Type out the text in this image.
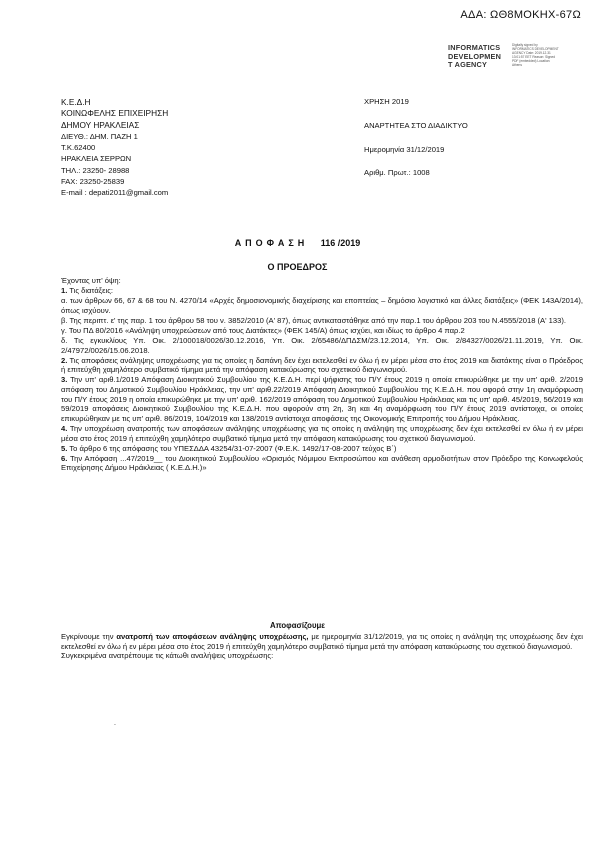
ΑΔΑ: ΩΘ8ΜΟΚΗΧ-67Ω
INFORMATICS
DEVELOPMEN
T AGENCY
Digitally signed by INFORMATICS DEVELOPMENT AGENCY Date: 2019.12.31 13:01:57 EET Reason: Signed PDF (embedded) Location: Athens
Κ.Ε.Δ.Η
ΚΟΙΝΩΦΕΛΗΣ ΕΠΙΧΕΙΡΗΣΗ
ΔΗΜΟΥ ΗΡΑΚΛΕΙΑΣ
ΔΙΕΥΘ.: ΔΗΜ. ΠΑΖΗ 1
Τ.Κ.62400
ΗΡΑΚΛΕΙΑ ΣΕΡΡΩΝ
ΤΗΛ.: 23250- 28988
FAX: 23250-25839
E-mail : depati2011@gmail.com
ΧΡΗΣΗ 2019
ΑΝΑΡΤΗΤΕΑ ΣΤΟ ΔΙΑΔΙΚΤΥΟ
Ημερομηνία 31/12/2019
Αριθμ. Πρωτ.: 1008
ΑΠΟΦΑΣΗ 116 /2019
Ο ΠΡΟΕΔΡΟΣ

Έχοντας υπ' όψη:

1. Τις διατάξεις:

α. των άρθρων 66, 67 & 68 του Ν. 4270/14 «Αρχές δημοσιονομικής διαχείρισης και εποπτείας – δημόσιο λογιστικό και άλλες διατάξεις» (ΦΕΚ 143Α/2014), όπως ισχύουν.

β. Της περιπτ. ε' της παρ. 1 του άρθρου 58 του ν. 3852/2010 (Α' 87), όπως αντικαταστάθηκε από την παρ.1 του άρθρου 203 του Ν.4555/2018 (Α' 133).

γ. Του ΠΔ 80/2016 «Ανάληψη υποχρεώσεων από τους Διατάκτες» (ΦΕΚ 145/Α) όπως ισχύει, και ιδίως το άρθρο 4 παρ.2

δ. Τις εγκυκλίους Υπ. Οικ. 2/100018/0026/30.12.2016, Υπ. Οικ. 2/65486/ΔΠΔΣΜ/23.12.2014, Υπ. Οικ. 2/84327/0026/21.11.2019, Υπ. Οικ. 2/47972/0026/15.06.2018.

2. Τις αποφάσεις ανάληψης υποχρέωσης για τις οποίες η δαπάνη δεν έχει εκτελεσθεί εν όλω ή εν μέρει μέσα στο έτος 2019 και διατάκτης είναι ο Πρόεδρος ή επιτεύχθη χαμηλότερο συμβατικό τίμημα μετά την απόφαση κατακύρωσης του σχετικού διαγωνισμού.

3. Την υπ' αριθ.1/2019 Απόφαση Διοικητικού Συμβουλίου της Κ.Ε.Δ.Η. περί ψήφισης του Π/Υ έτους 2019 η οποία επικυρώθηκε με την υπ' αριθ. 2/2019 απόφαση του Δημοτικού Συμβουλίου Ηράκλειας, την υπ' αριθ.22/2019 Απόφαση Διοικητικού Συμβουλίου της Κ.Ε.Δ.Η. που αφορά στην 1η αναμόρφωση του Π/Υ έτους 2019 η οποία επικυρώθηκε με την υπ' αριθ. 162/2019 απόφαση του Δημοτικού Συμβουλίου Ηράκλειας και τις υπ' αριθ. 45/2019, 56/2019 και 59/2019 αποφάσεις Διοικητικού Συμβουλίου της Κ.Ε.Δ.Η. που αφορούν στη 2η, 3η και 4η αναμόρφωση του Π/Υ έτους 2019 αντίστοιχα, οι οποίες επικυρώθηκαν με τις υπ' αριθ. 86/2019, 104/2019 και 138/2019 αντίστοιχα αποφάσεις της Οικονομικής Επιτροπής του Δήμου Ηράκλειας.

4. Την υποχρέωση ανατροπής των αποφάσεων ανάληψης υποχρέωσης για τις οποίες η ανάληψη της υποχρέωσης δεν έχει εκτελεσθεί εν όλω ή εν μέρει μέσα στο έτος 2019 ή επιτεύχθη χαμηλότερο συμβατικό τίμημα μετά την απόφαση κατακύρωσης του σχετικού διαγωνισμού.

5. Το άρθρο 6 της απόφασης του ΥΠΕΣΔΔΑ 43254/31-07-2007 (Φ.Ε.Κ. 1492/17-08-2007 τεύχος Β΄)

6. Την Απόφαση ...47/2019__ του Διοικητικού Συμβουλίου «Ορισμός Νόμιμου Εκπροσώπου και ανάθεση αρμοδιοτήτων στον Πρόεδρο της Κοινωφελούς Επιχείρησης Δήμου Ηράκλειας ( Κ.Ε.Δ.Η.)»

Αποφασίζουμε
Εγκρίνουμε την ανατροπή των αποφάσεων ανάληψης υποχρέωσης, με ημερομηνία 31/12/2019, για τις οποίες η ανάληψη της υποχρέωσης δεν έχει εκτελεσθεί εν όλω ή εν μέρει μέσα στο έτος 2019 ή επιτεύχθη χαμηλότερο συμβατικό τίμημα μετά την απόφαση κατακύρωσης του σχετικού διαγωνισμού.
Συγκεκριμένα ανατρέπουμε τις κάτωθι αναλήψεις υποχρέωσης:
.
